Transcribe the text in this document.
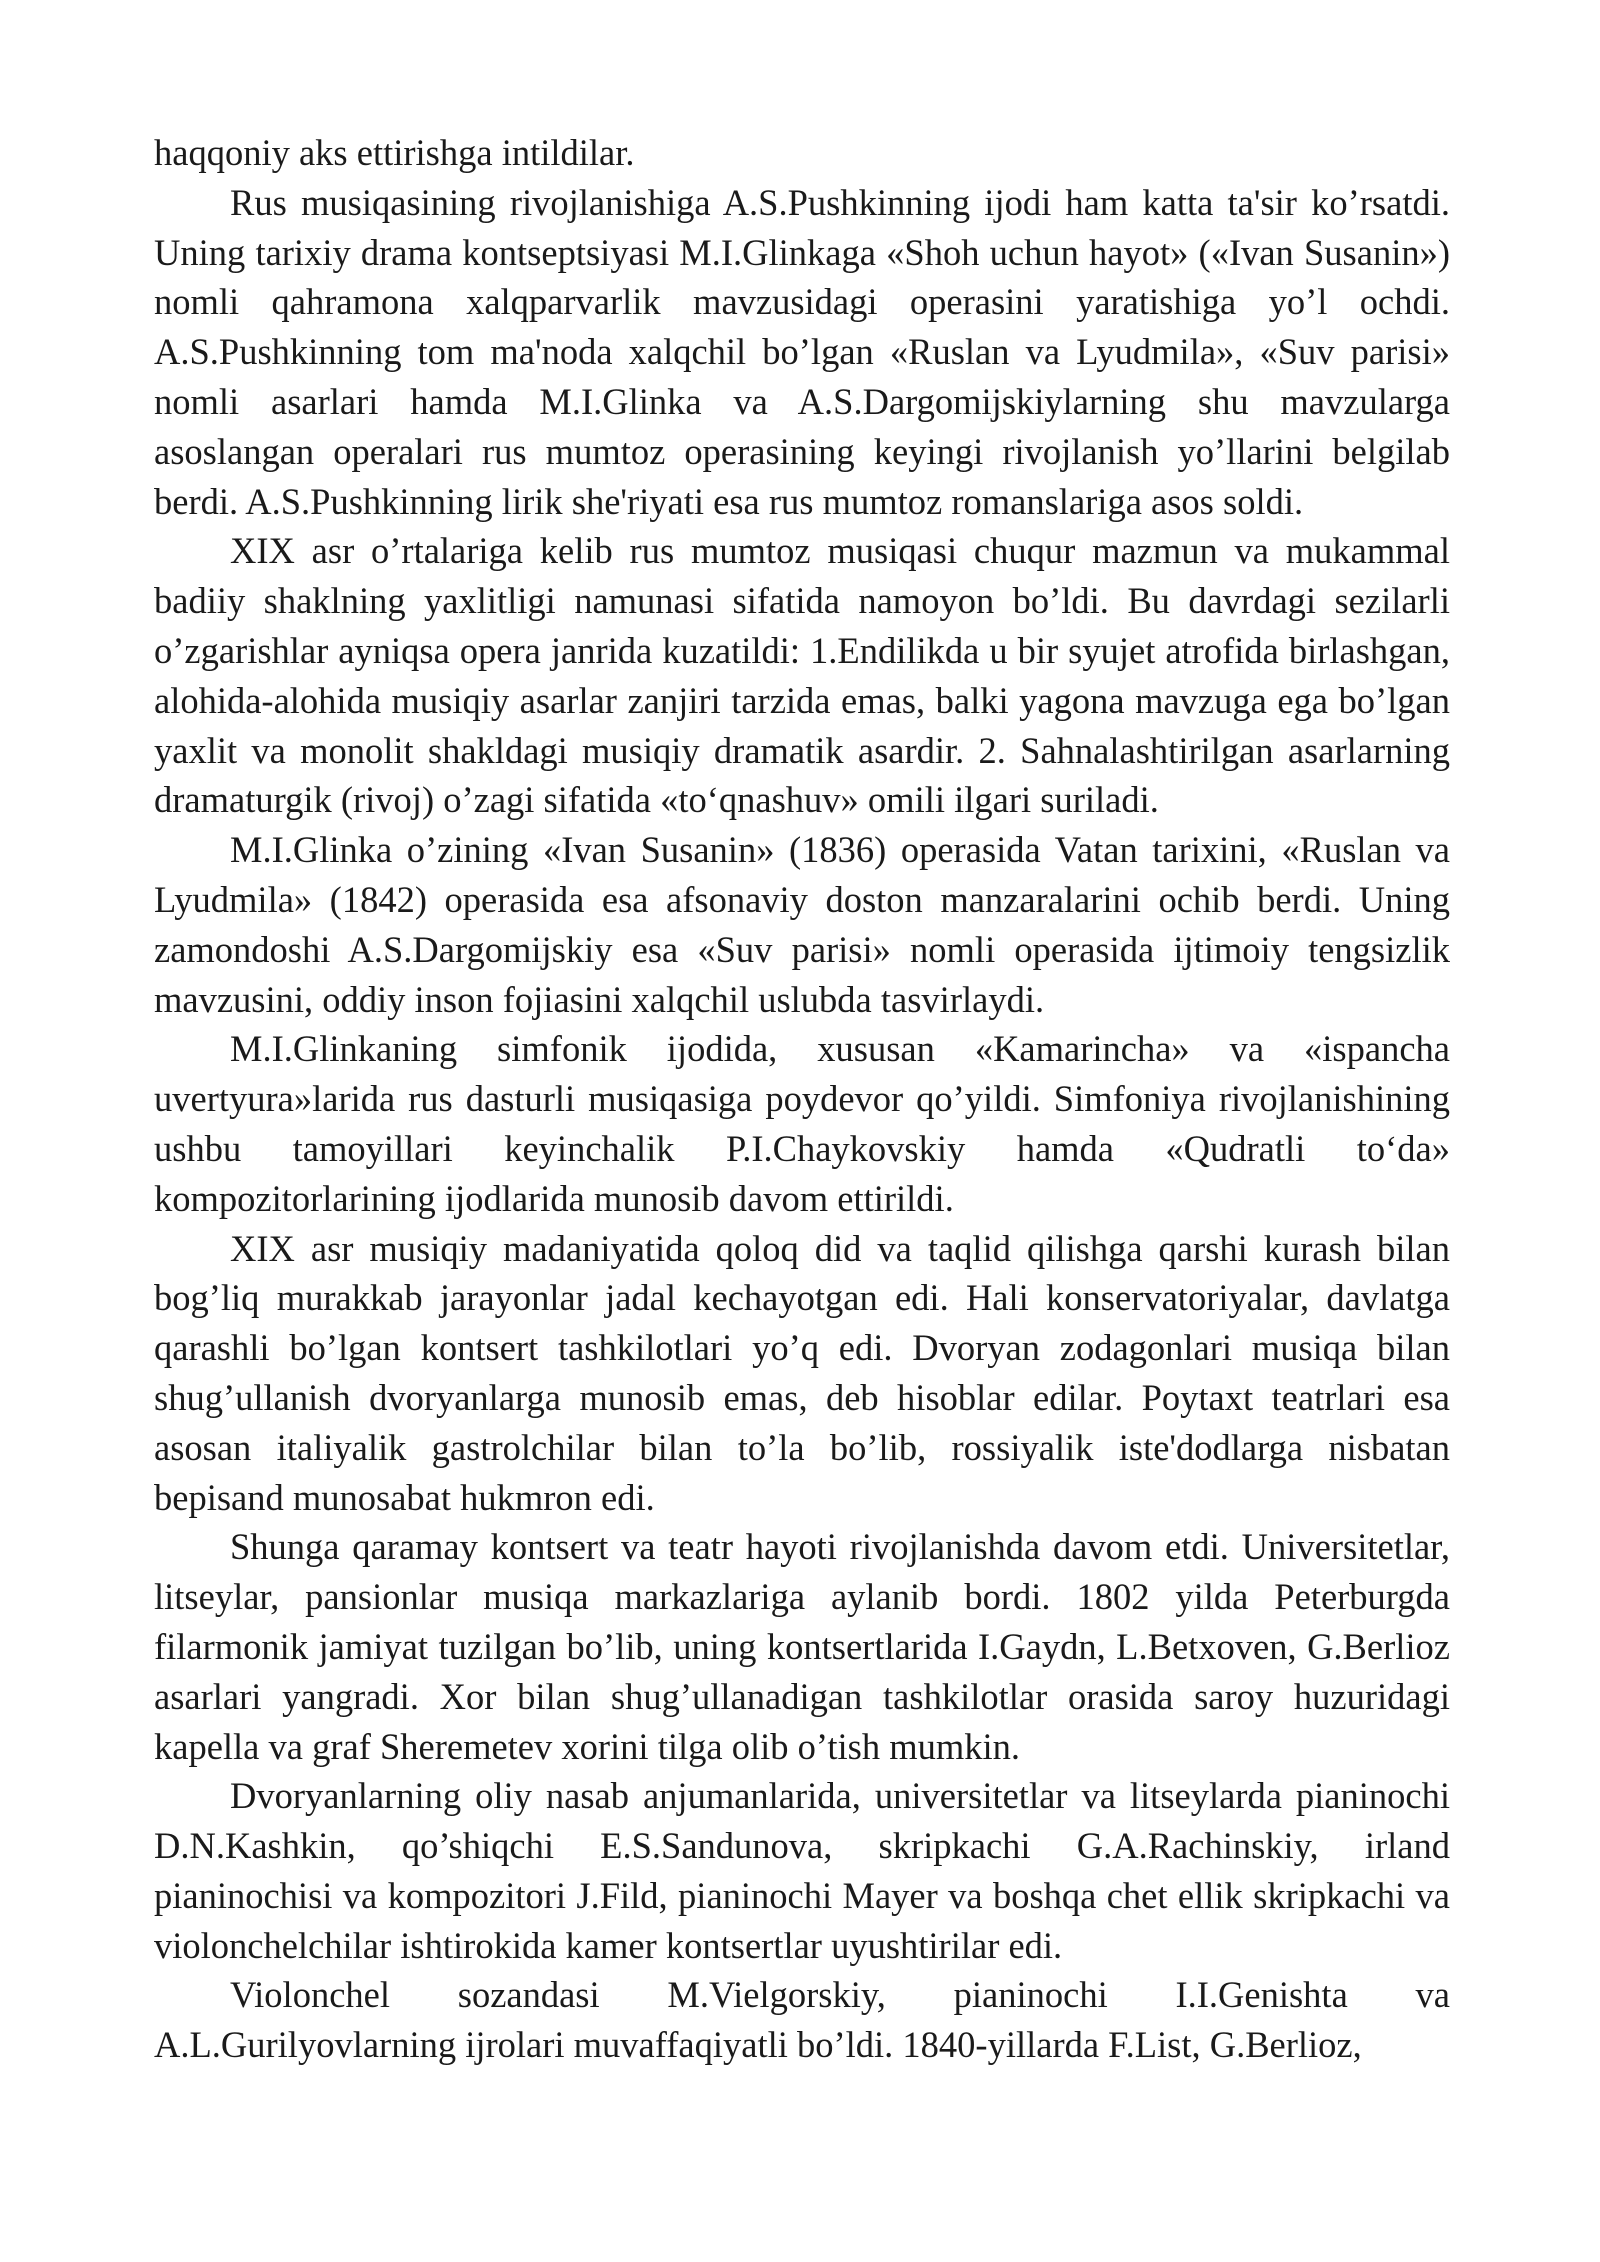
haqqoniy aks ettirishga intildilar.

Rus musiqasining rivojlanishiga A.S.Pushkinning ijodi ham katta ta'sir ko’rsatdi. Uning tarixiy drama kontseptsiyasi M.I.Glinkaga «Shoh uchun hayot» («Ivan Susanin») nomli qahramona xalqparvarlik mavzusidagi operasini yaratishiga yo’l ochdi. A.S.Pushkinning tom ma'noda xalqchil bo’lgan «Ruslan va Lyudmila», «Suv parisi» nomli asarlari hamda M.I.Glinka va A.S.Dargomijskiylarning shu mavzularga asoslangan operalari rus mumtoz operasining keyingi rivojlanish yo’llarini belgilab berdi. A.S.Pushkinning lirik she'riyati esa rus mumtoz romanslariga asos soldi.

XIX asr o’rtalariga kelib rus mumtoz musiqasi chuqur mazmun va mukammal badiiy shaklning yaxlitligi namunasi sifatida namoyon bo’ldi. Bu davrdagi sezilarli o’zgarishlar ayniqsa opera janrida kuzatildi: 1.Endilikda u bir syujet atrofida birlashgan, alohida-alohida musiqiy asarlar zanjiri tarzida emas, balki yagona mavzuga ega bo’lgan yaxlit va monolit shakldagi musiqiy dramatik asardir. 2. Sahnalashtirilgan asarlarning dramaturgik (rivoj) o’zagi sifatida «to‘qnashuv» omili ilgari suriladi.

M.I.Glinka o’zining «Ivan Susanin» (1836) operasida Vatan tarixini, «Ruslan va Lyudmila» (1842) operasida esa afsonaviy doston manzaralarini ochib berdi. Uning zamondoshi A.S.Dargomijskiy esa «Suv parisi» nomli operasida ijtimoiy tengsizlik mavzusini, oddiy inson fojiasini xalqchil uslubda tasvirlaydi.

M.I.Glinkaning simfonik ijodida, xususan «Kamarincha» va «ispancha uvertyura»larida rus dasturli musiqasiga poydevor qo’yildi. Simfoniya rivojlanishining ushbu tamoyillari keyinchalik P.I.Chaykovskiy hamda «Qudratli to‘da» kompozitorlarining ijodlarida munosib davom ettirildi.

XIX asr musiqiy madaniyatida qoloq did va taqlid qilishga qarshi kurash bilan bog’liq murakkab jarayonlar jadal kechayotgan edi. Hali konservatoriyalar, davlatga qarashli bo’lgan kontsert tashkilotlari yo’q edi. Dvoryan zodagonlari musiqa bilan shug’ullanish dvoryanlarga munosib emas, deb hisoblar edilar. Poytaxt teatrlari esa asosan italiyalik gastrolchilar bilan to’la bo’lib, rossiyalik iste'dodlarga nisbatan bepisand munosabat hukmron edi.

Shunga qaramay kontsert va teatr hayoti rivojlanishda davom etdi. Universitetlar, litseylar, pansionlar musiqa markazlariga aylanib bordi. 1802 yilda Peterburgda filarmonik jamiyat tuzilgan bo’lib, uning kontsertlarida I.Gaydn, L.Betxoven, G.Berlioz asarlari yangradi. Xor bilan shug’ullanadigan tashkilotlar orasida saroy huzuridagi kapella va graf Sheremetev xorini tilga olib o’tish mumkin.

Dvoryanlarning oliy nasab anjumanlarida, universitetlar va litseylarda pianinochi D.N.Kashkin, qo’shiqchi E.S.Sandunova, skripkachi G.A.Rachinskiy, irland pianinochisi va kompozitori J.Fild, pianinochi Mayer va boshqa chet ellik skripkachi va violonchelchilar ishtirokida kamer kontsertlar uyushtirilar edi.

Violonchel sozandasi M.Vielgorskiy, pianinochi I.I.Genishta va A.L.Gurilyovlarning ijrolari muvaffaqiyatli bo’ldi. 1840-yillarda F.List, G.Berlioz,
